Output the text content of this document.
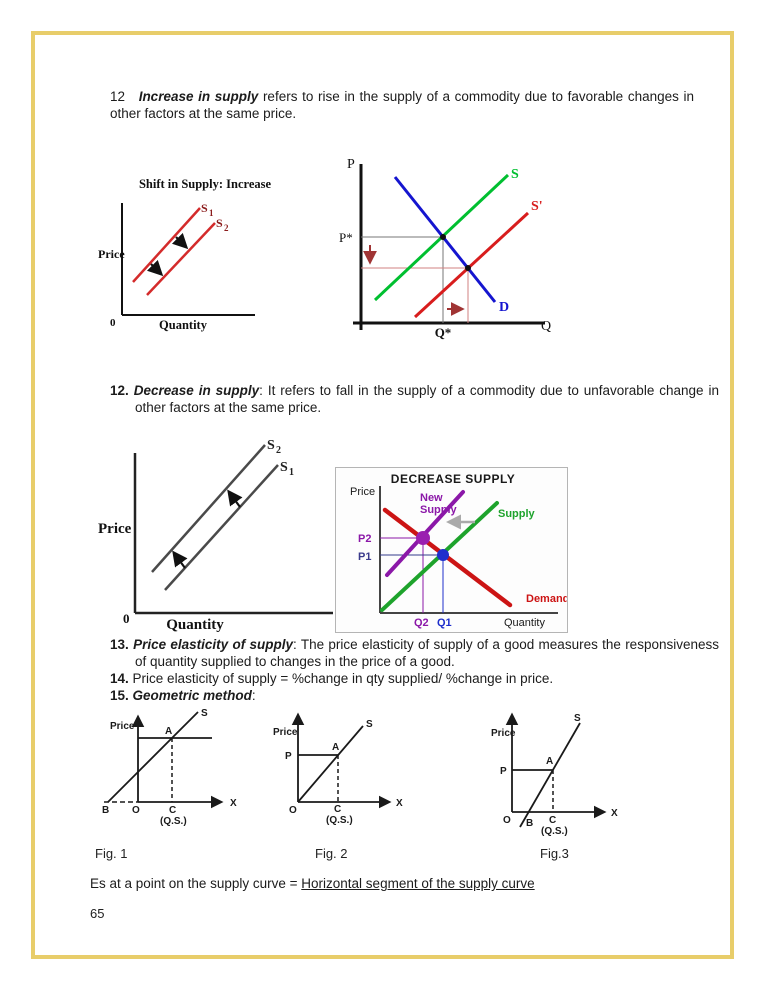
12 Increase in supply refers to rise in the supply of a commodity due to favorable changes in other factors at the same price.
Shift in Supply: Increase
Price
0	Quantity
S 1
S 2
P
Q
S
S'
D
P*
Q*
12. Decrease in supply: It refers to fall in the supply of a commodity due to unfavorable change in other factors at the same price.
Price
0 Quantity
S 2
S 1	DECREASE SUPPLY
Price	New
Supply	Supply
Demand
P2
P1
Q2 Q1	Quantity
13. Price elasticity of supply: The price elasticity of supply of a good measures the responsiveness of quantity supplied to changes in the price of a good.
14. Price elasticity of supply = %change in qty supplied/ %change in price.
15. Geometric method:
Price
S
A
B O	C
(Q.S.)
X
Price
P
S
A
O	C
(Q.S.)
X
Price
P
S
A
O B C
(Q.S.)
X
Fig. 1	Fig. 2	Fig.3
Es at a point on the supply curve = Horizontal segment of the supply curve
65
